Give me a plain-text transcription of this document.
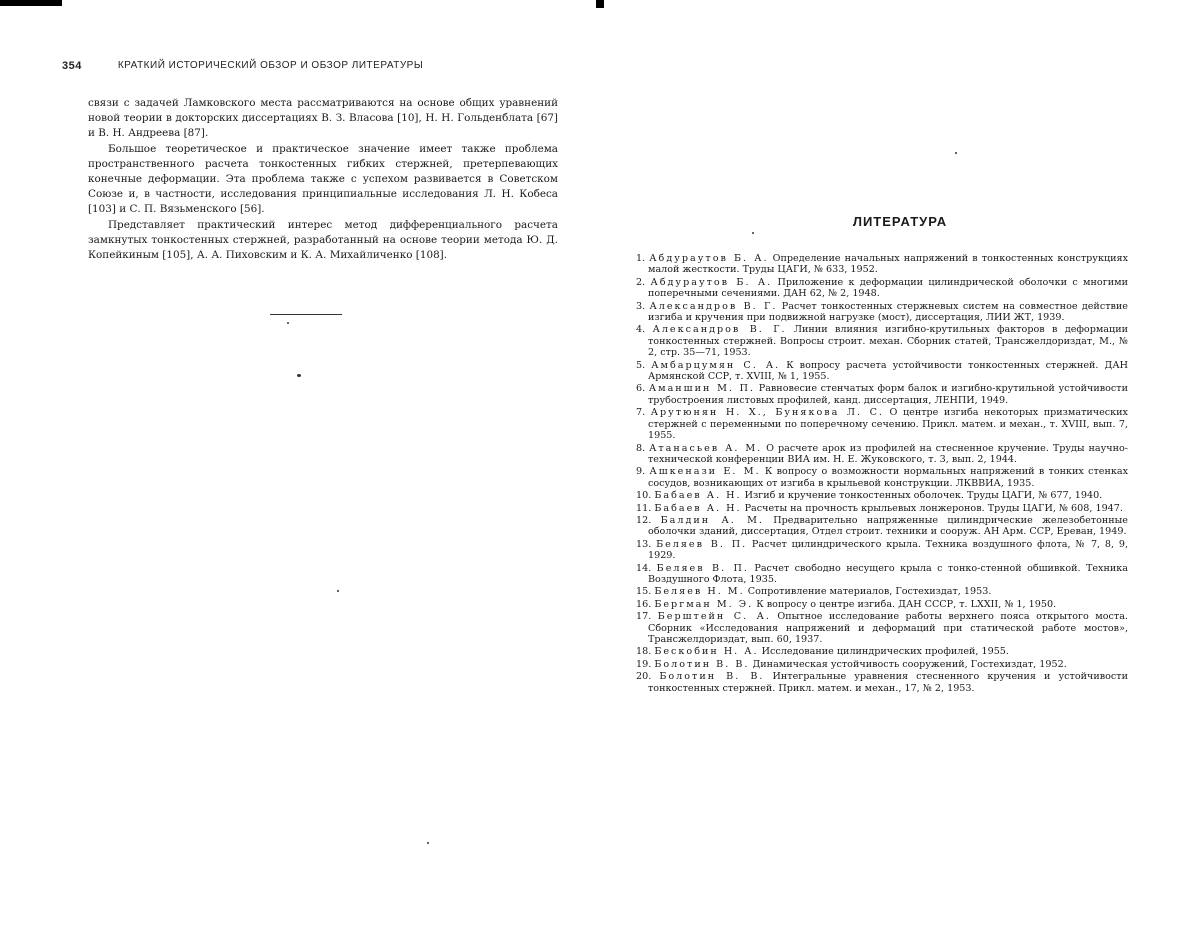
354	КРАТКИЙ ИСТОРИЧЕСКИЙ ОБЗОР И ОБЗОР ЛИТЕРАТУРЫ

связи с задачей Ламковского места рассматриваются на основе общих уравнений новой теории в докторских диссертациях В. З. Власова [10], Н. Н. Гольденблата [67] и В. Н. Андреева [87].

Большое теоретическое и практическое значение имеет также проблема пространственного расчета тонкостенных гибких стержней, претерпевающих конечные деформации. Эта проблема также с успехом развивается в Советском Союзе и, в частности, исследования принципиальные исследования Л. Н. Кобеса [103] и С. П. Вязьменского [56].

Представляет практический интерес метод дифференциального расчета замкнутых тонкостенных стержней, разработанный на основе теории метода Ю. Д. Копейкиным [105], А. А. Пиховским и К. А. Михайличенко [108].

ЛИТЕРАТУРА
1. Абдураутов Б. А. Определение начальных напряжений в тонкостенных конструкциях малой жесткости. Труды ЦАГИ, № 633, 1952.
2. Абдураутов Б. А. Приложение к деформации цилиндрической оболочки с многими поперечными сечениями. ДАН 62, № 2, 1948.
3. Александров В. Г. Расчет тонкостенных стержневых систем на совместное действие изгиба и кручения при подвижной нагрузке (мост), диссертация, ЛИИ ЖТ, 1939.
4. Александров В. Г. Линии влияния изгибно-крутильных факторов в деформации тонкостенных стержней. Вопросы строит. механ. Сборник статей, Трансжелдориздат, М., № 2, стр. 35—71, 1953.
5. Амбарцумян С. А. К вопросу расчета устойчивости тонкостенных стержней. ДАН Армянской ССР, т. XVIII, № 1, 1955.
6. Аманшин М. П. Равновесие стенчатых форм балок и изгибно-крутильной устойчивости трубостроения листовых профилей, канд. диссертация, ЛЕНПИ, 1949.
7. Арутюнян Н. Х., Бунякова Л. С. О центре изгиба некоторых призматических стержней с переменными по поперечному сечению. Прикл. матем. и механ., т. XVIII, вып. 7, 1955.
8. Атанасьев А. М. О расчете арок из профилей на стесненное кручение. Труды научно-технической конференции ВИА им. Н. Е. Жуковского, т. 3, вып. 2, 1944.
9. Ашкенази Е. М. К вопросу о возможности нормальных напряжений в тонких стенках сосудов, возникающих от изгиба в крыльевой конструкции. ЛКВВИА, 1935.
10. Бабаев А. Н. Изгиб и кручение тонкостенных оболочек. Труды ЦАГИ, № 677, 1940.
11. Бабаев А. Н. Расчеты на прочность крыльевых лонжеронов. Труды ЦАГИ, № 608, 1947.
12. Балдин А. М. Предварительно напряженные цилиндрические железобетонные оболочки зданий, диссертация, Отдел строит. техники и сооруж. АН Арм. ССР, Ереван, 1949.
13. Беляев В. П. Расчет цилиндрического крыла. Техника воздушного флота, № 7, 8, 9, 1929.
14. Беляев В. П. Расчет свободно несущего крыла с тонко-стенной обшивкой. Техника Воздушного Флота, 1935.
15. Беляев Н. М. Сопротивление материалов, Гостехиздат, 1953.
16. Бергман М. Э. К вопросу о центре изгиба. ДАН СССР, т. LXXII, № 1, 1950.
17. Берштейн С. А. Опытное исследование работы верхнего пояса открытого моста. Сборник «Исследования напряжений и деформаций при статической работе мостов», Трансжелдориздат, вып. 60, 1937.
18. Бескобин Н. А. Исследование цилиндрических профилей, 1955.
19. Болотин В. В. Динамическая устойчивость сооружений, Гостехиздат, 1952.
20. Болотин В. В. Интегральные уравнения стесненного кручения и устойчивости тонкостенных стержней. Прикл. матем. и механ., 17, № 2, 1953.
